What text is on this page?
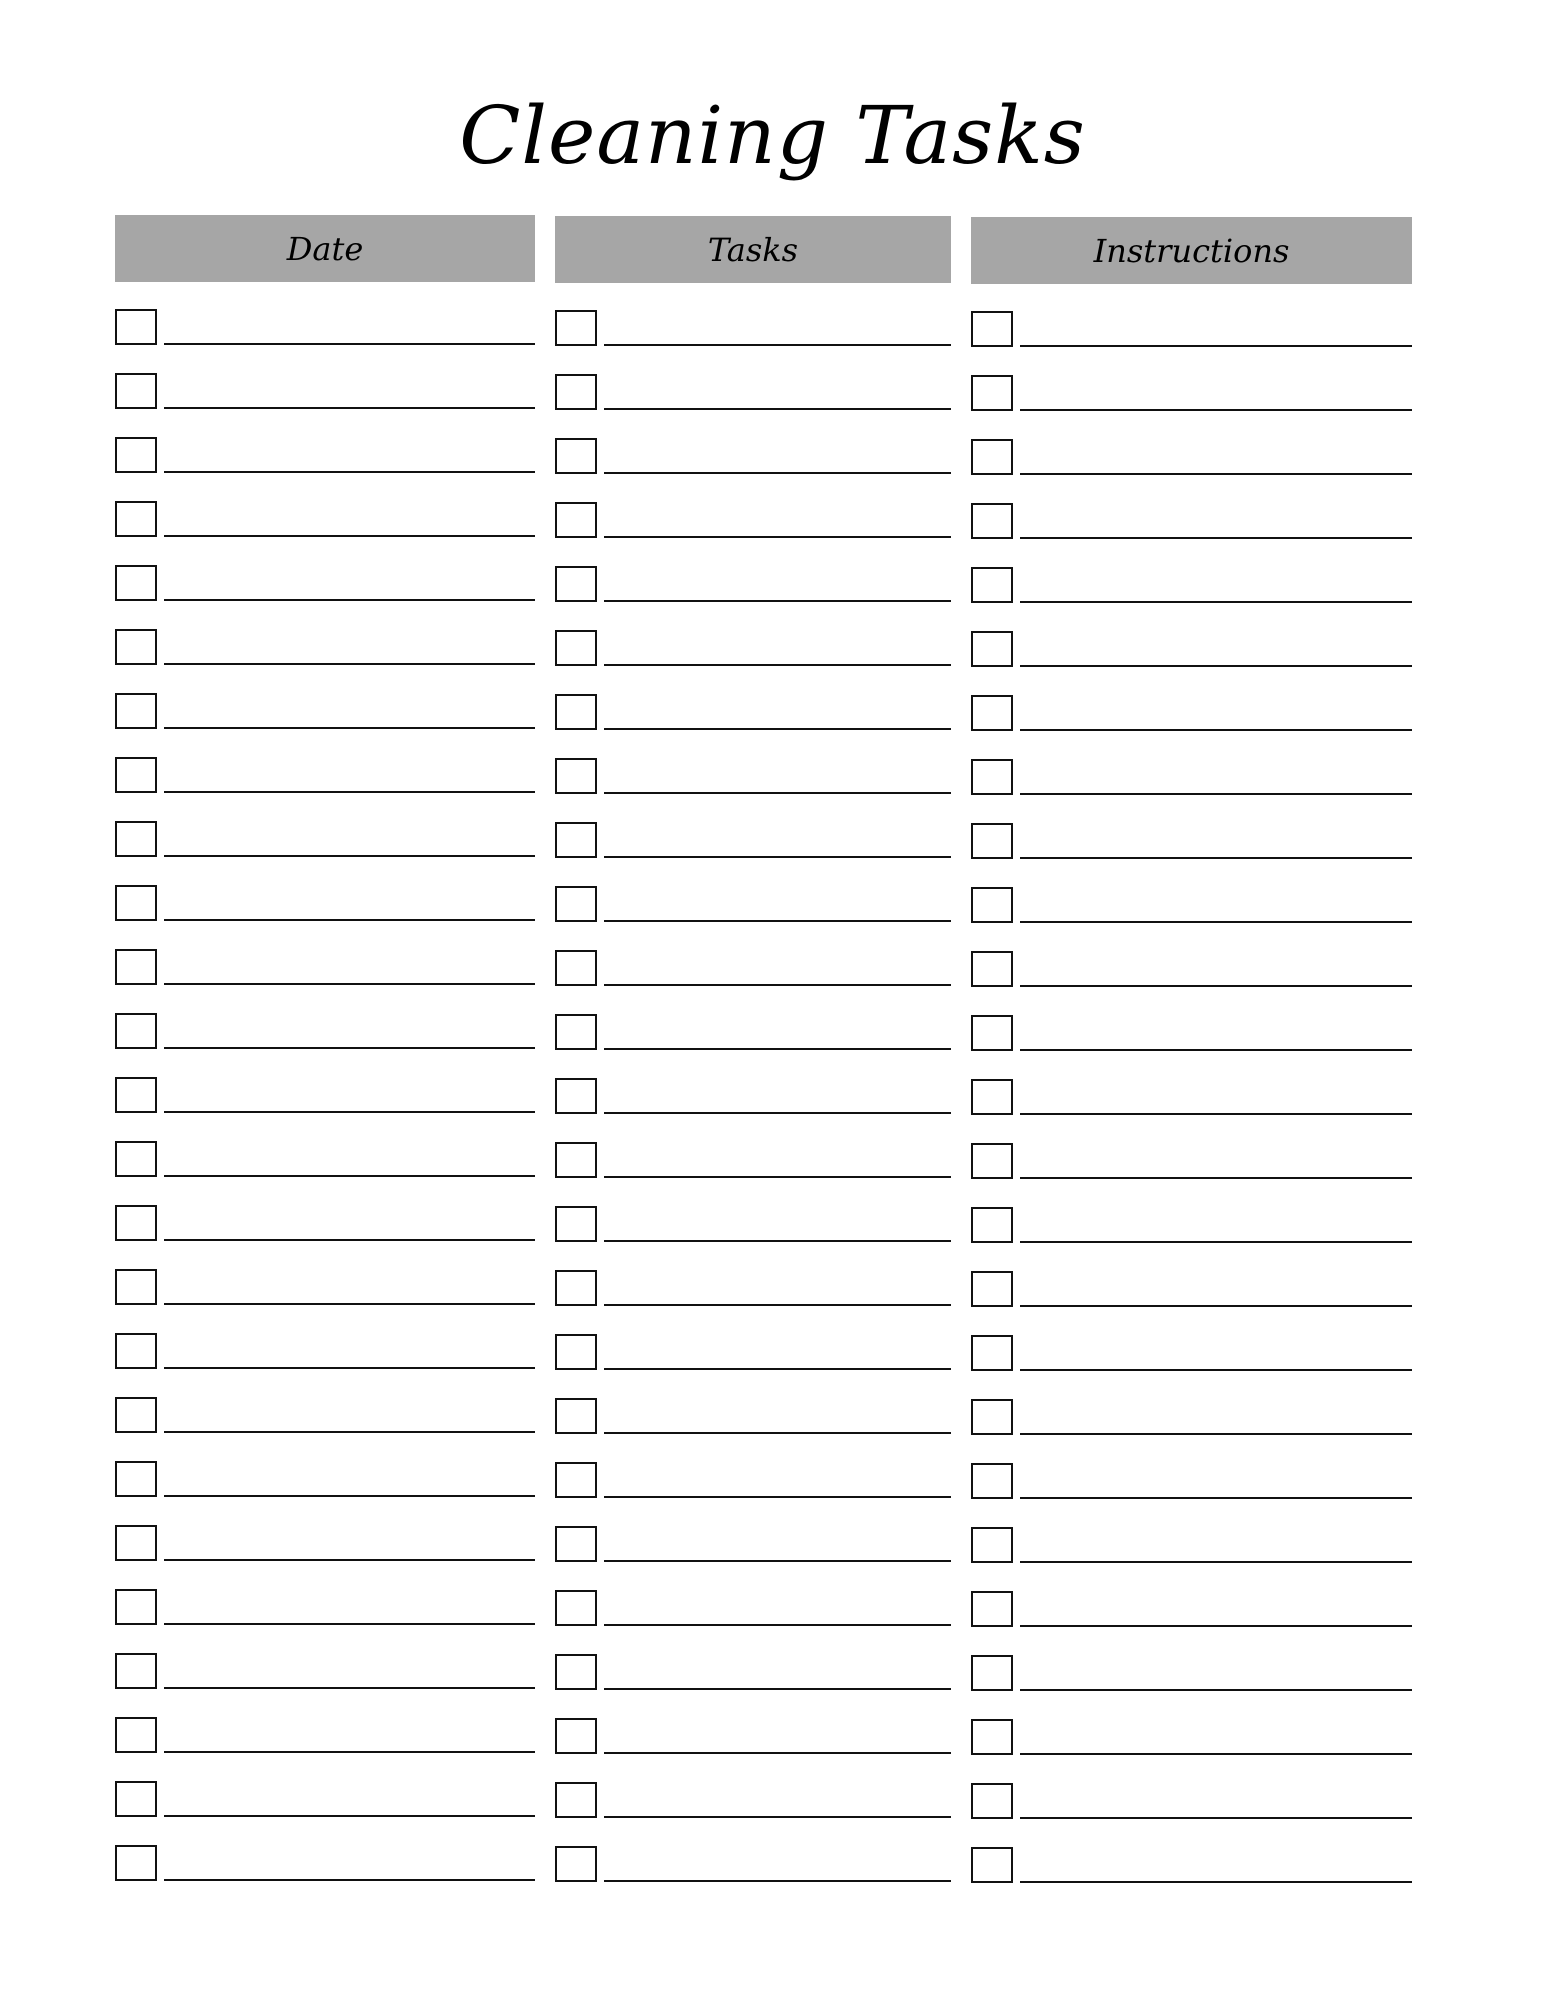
Cleaning Tasks
Date	Tasks	Instructions
